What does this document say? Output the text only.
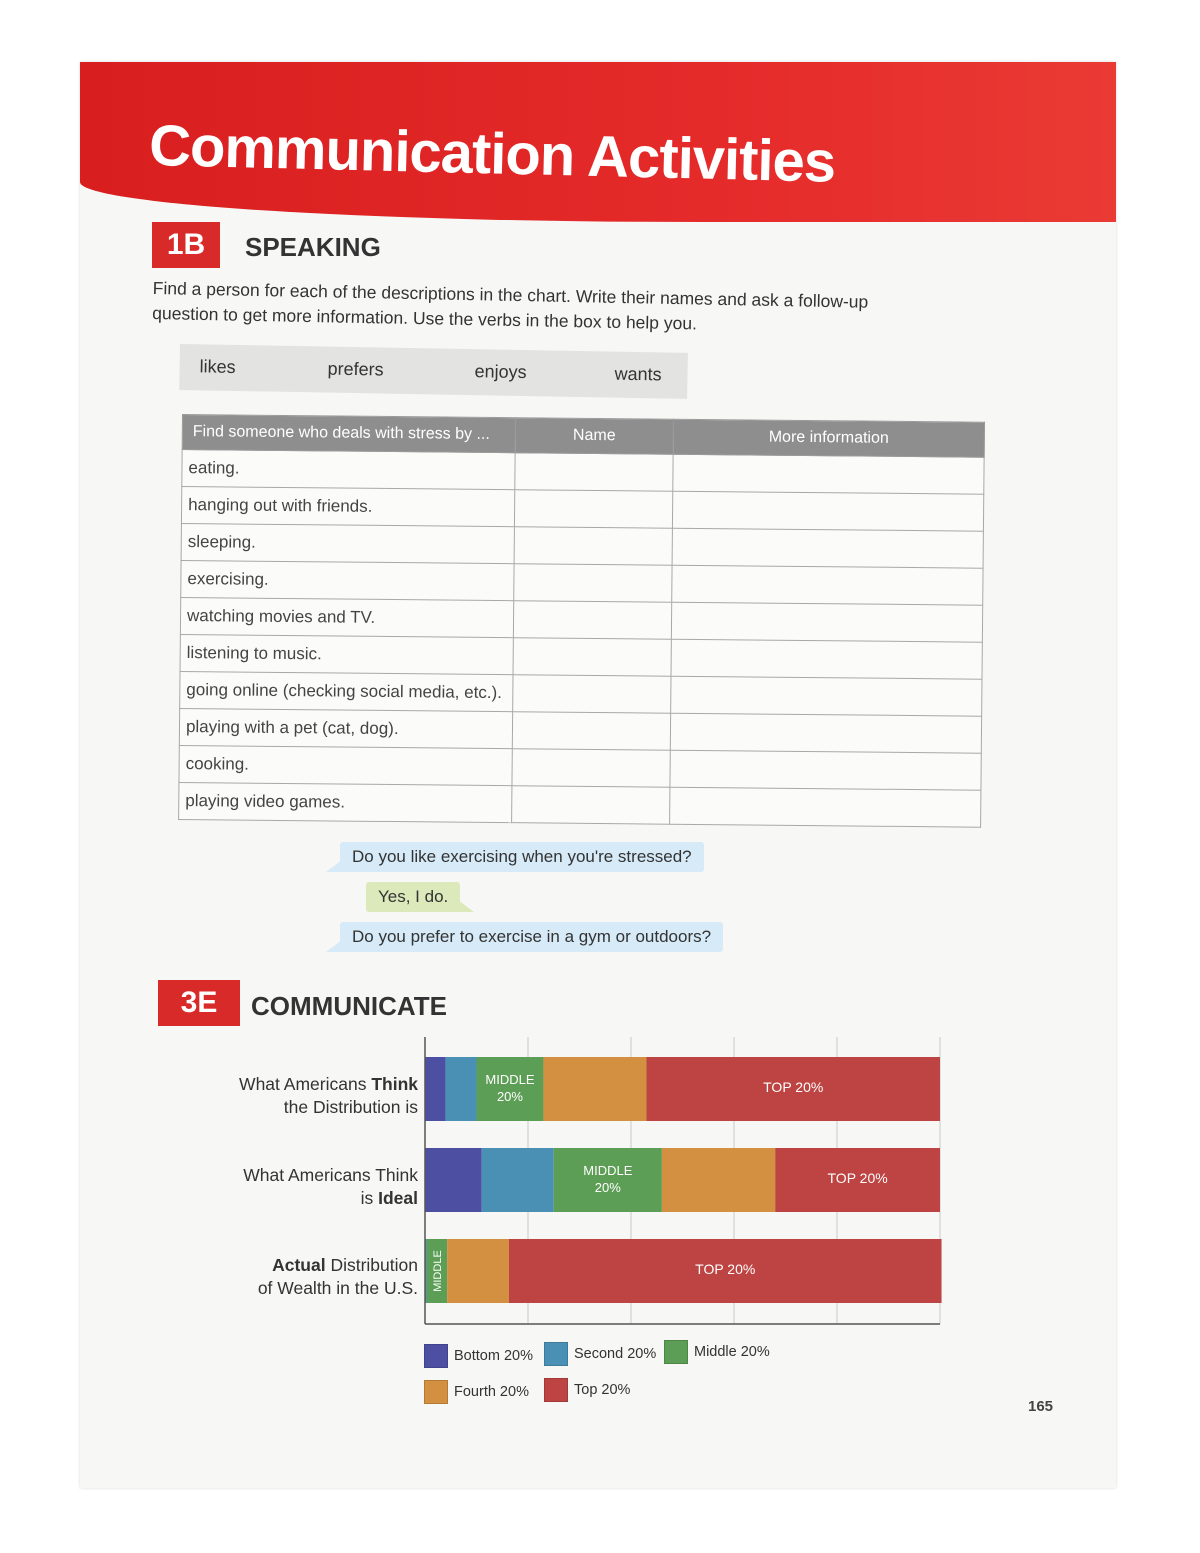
Communication Activities
1B	SPEAKING
Find a person for each of the descriptions in the chart. Write their names and ask a follow-up question to get more information. Use the verbs in the box to help you.
likes	prefers	enjoys	wants
Find someone who deals with stress by ...	Name	More information
eating.		
hanging out with friends.		
sleeping.		
exercising.		
watching movies and TV.		
listening to music.		
going online (checking social media, etc.).		
playing with a pet (cat, dog).		
cooking.		
playing video games.		
Do you like exercising when you're stressed?
Yes, I do.
Do you prefer to exercise in a gym or outdoors?
3E	COMMUNICATE
What Americans Think
the Distribution is
What Americans Think
is Ideal
Actual Distribution
of Wealth in the U.S.
MIDDLE
20%
TOP 20%
MIDDLE
20%
TOP 20%
MIDDLE	TOP 20%
Bottom 20%	Second 20%	Middle 20%
Fourth 20%	Top 20%
165
